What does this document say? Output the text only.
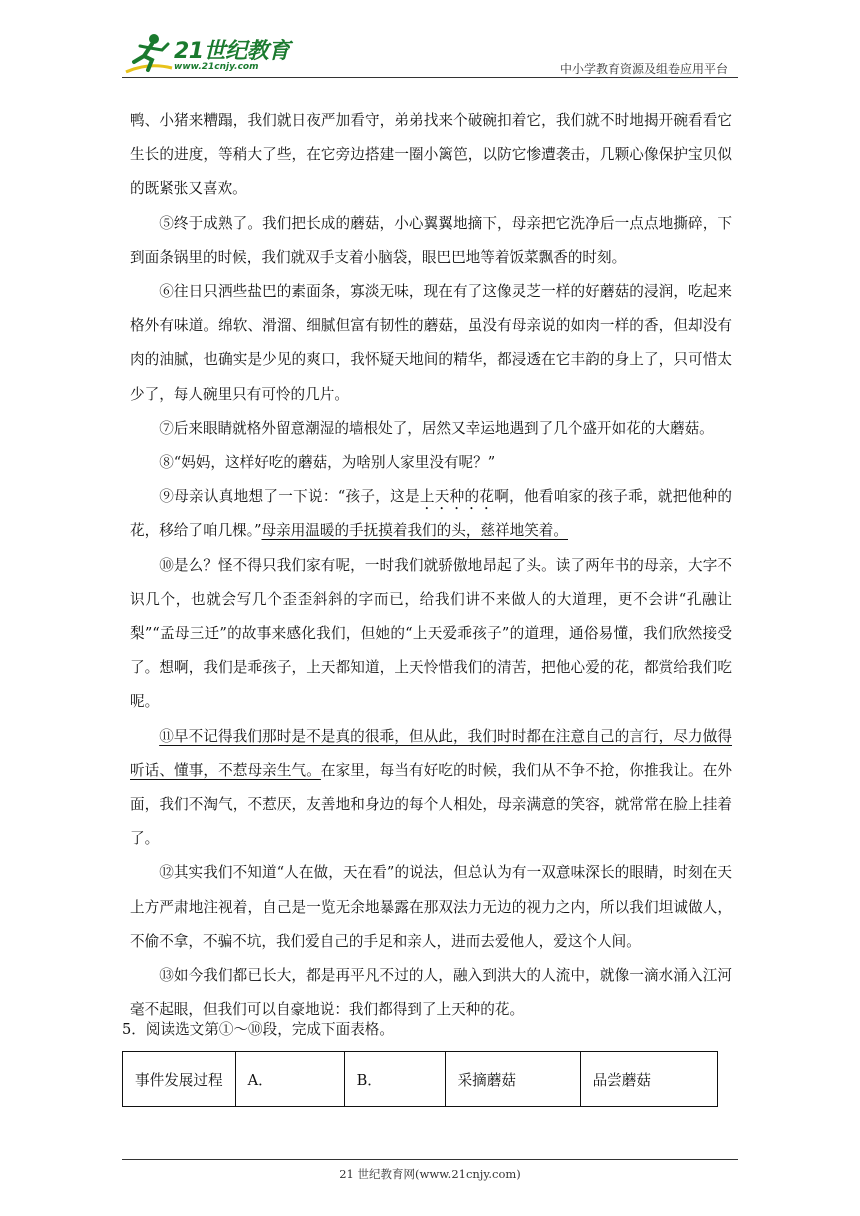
21世纪教育
www.21cnjy.com	中小学教育资源及组卷应用平台

鸭、小猪来糟蹋，我们就日夜严加看守，弟弟找来个破碗扣着它，我们就不时地揭开碗看看它生长的进度，等稍大了些，在它旁边搭建一圈小篱笆，以防它惨遭袭击，几颗心像保护宝贝似的既紧张又喜欢。

⑤终于成熟了。我们把长成的蘑菇，小心翼翼地摘下，母亲把它洗净后一点点地撕碎，下到面条锅里的时候，我们就双手支着小脑袋，眼巴巴地等着饭菜飘香的时刻。

⑥往日只洒些盐巴的素面条，寡淡无味，现在有了这像灵芝一样的好蘑菇的浸润，吃起来格外有味道。绵软、滑溜、细腻但富有韧性的蘑菇，虽没有母亲说的如肉一样的香，但却没有肉的油腻，也确实是少见的爽口，我怀疑天地间的精华，都浸透在它丰韵的身上了，只可惜太少了，每人碗里只有可怜的几片。

⑦后来眼睛就格外留意潮湿的墙根处了，居然又幸运地遇到了几个盛开如花的大蘑菇。

⑧“妈妈，这样好吃的蘑菇，为啥别人家里没有呢？”

⑨母亲认真地想了一下说：“孩子，这是上天种的花啊，他看咱家的孩子乖，就把他种的花，移给了咱几棵。”母亲用温暖的手抚摸着我们的头，慈祥地笑着。

⑩是么？怪不得只我们家有呢，一时我们就骄傲地昂起了头。读了两年书的母亲，大字不识几个，也就会写几个歪歪斜斜的字而已，给我们讲不来做人的大道理，更不会讲“孔融让梨”“孟母三迁”的故事来感化我们，但她的“上天爱乖孩子”的道理，通俗易懂，我们欣然接受了。想啊，我们是乖孩子，上天都知道，上天怜惜我们的清苦，把他心爱的花，都赏给我们吃呢。

⑪早不记得我们那时是不是真的很乖，但从此，我们时时都在注意自己的言行，尽力做得听话、懂事，不惹母亲生气。在家里，每当有好吃的时候，我们从不争不抢，你推我让。在外面，我们不淘气，不惹厌，友善地和身边的每个人相处，母亲满意的笑容，就常常在脸上挂着了。

⑫其实我们不知道“人在做，天在看”的说法，但总认为有一双意味深长的眼睛，时刻在天上方严肃地注视着，自己是一览无余地暴露在那双法力无边的视力之内，所以我们坦诚做人，不偷不拿，不骗不坑，我们爱自己的手足和亲人，进而去爱他人，爱这个人间。

⑬如今我们都已长大，都是再平凡不过的人，融入到洪大的人流中，就像一滴水涌入江河毫不起眼，但我们可以自豪地说：我们都得到了上天种的花。

5．阅读选文第①～⑩段，完成下面表格。
事件发展过程	A．	B．	采摘蘑菇	品尝蘑菇
21 世纪教育网(www.21cnjy.com)
